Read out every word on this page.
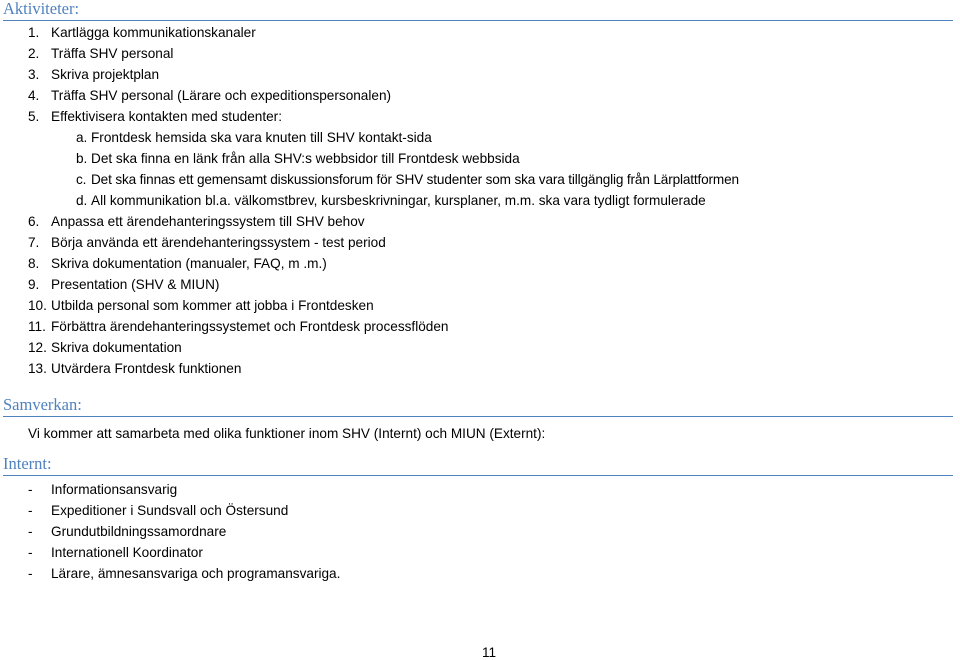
Aktiviteter:
1. Kartlägga kommunikationskanaler
2. Träffa SHV personal
3. Skriva projektplan
4. Träffa SHV personal (Lärare och expeditionspersonalen)
5. Effektivisera kontakten med studenter:
a. Frontdesk hemsida ska vara knuten till SHV kontakt-sida
b. Det ska finna en länk från alla SHV:s webbsidor till Frontdesk webbsida
c. Det ska finnas ett gemensamt diskussionsforum för SHV studenter som ska vara tillgänglig från Lärplattformen
d. All kommunikation bl.a. välkomstbrev, kursbeskrivningar, kursplaner, m.m. ska vara tydligt formulerade
6. Anpassa ett ärendehanteringssystem till SHV behov
7. Börja använda ett ärendehanteringssystem - test period
8. Skriva dokumentation (manualer, FAQ, m .m.)
9. Presentation (SHV & MIUN)
10. Utbilda personal som kommer att jobba i Frontdesken
11. Förbättra ärendehanteringssystemet och Frontdesk processflöden
12. Skriva dokumentation
13. Utvärdera Frontdesk funktionen
Samverkan:
Vi kommer att samarbeta med olika funktioner inom SHV (Internt) och MIUN (Externt):
Internt:
- Informationsansvarig
- Expeditioner i Sundsvall och Östersund
- Grundutbildningssamordnare
- Internationell Koordinator
- Lärare, ämnesansvariga och programansvariga.
11
